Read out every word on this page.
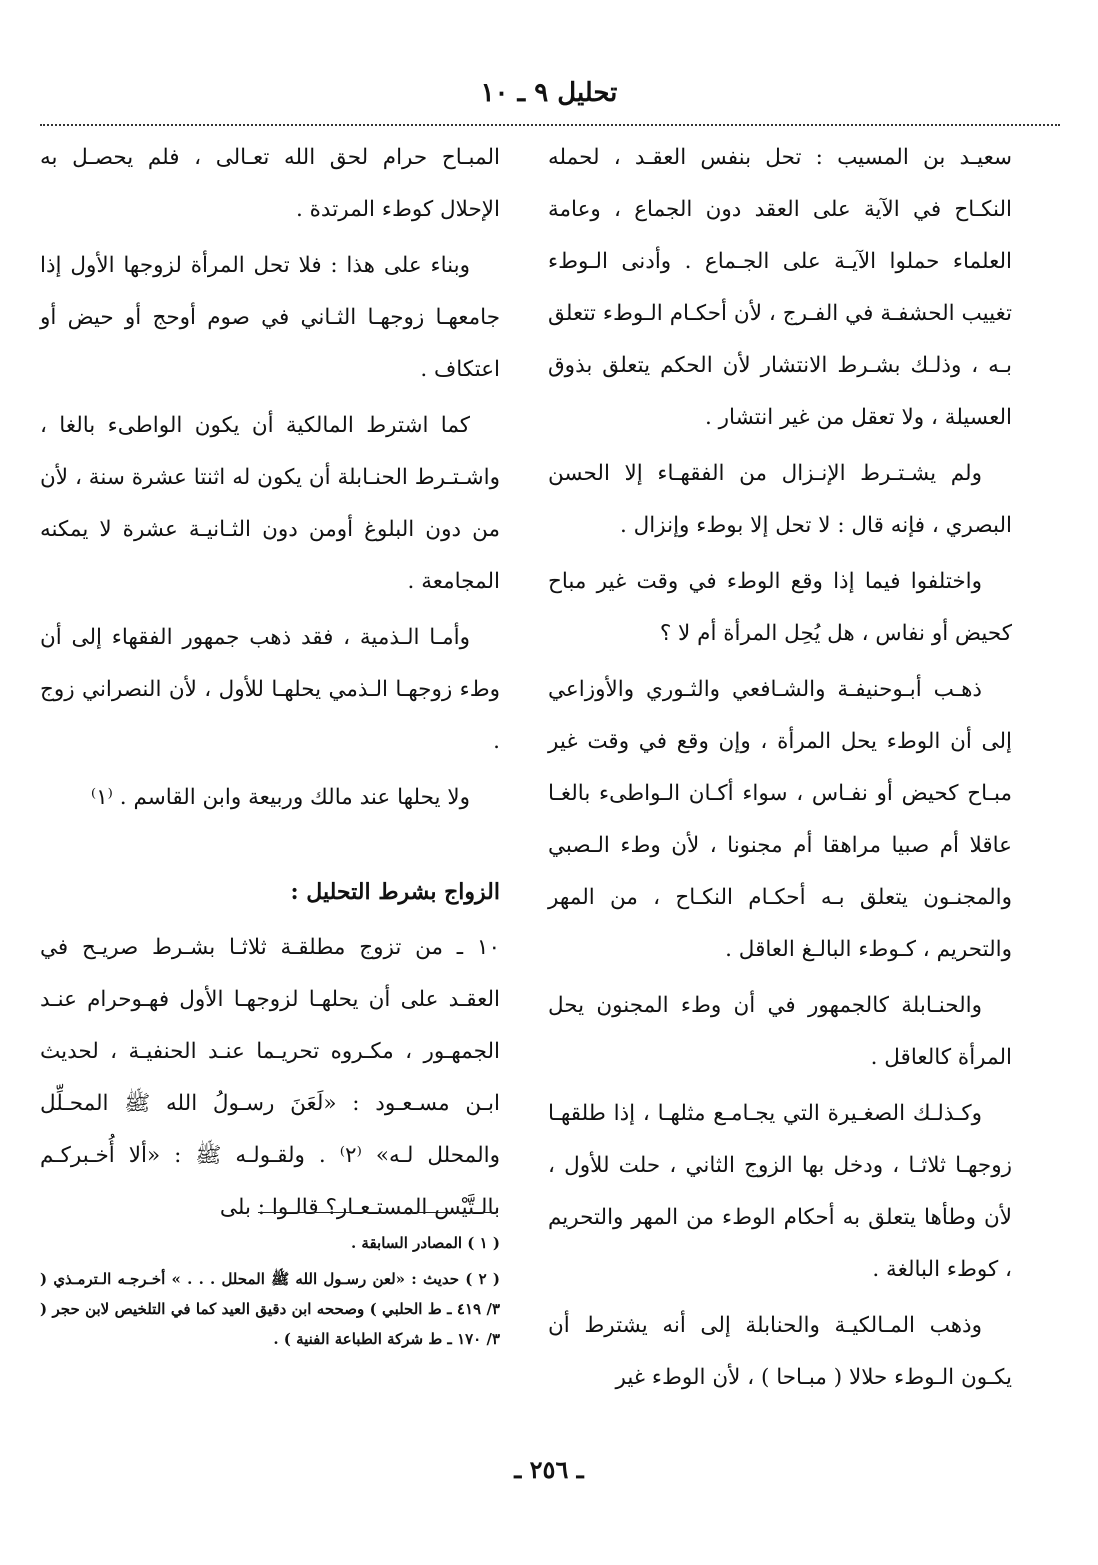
تحليل ٩ ـ ١٠

سعيـد بن المسيب : تحل بنفس العقـد ، لحمله النكـاح في الآية على العقد دون الجماع ، وعامة العلماء حملوا الآيـة على الجـماع . وأدنى الـوطء تغييب الحشفـة في الفـرج ، لأن أحكـام الـوطء تتعلق بـه ، وذلـك بشـرط الانتشار لأن الحكم يتعلق بذوق العسيلة ، ولا تعقل من غير انتشار .

ولم يشـتـرط الإنـزال من الفقهـاء إلا الحسن البصري ، فإنه قال : لا تحل إلا بوطء وإنزال .

واختلفوا فيما إذا وقع الوطء في وقت غير مباح كحيض أو نفاس ، هل يُحِل المرأة أم لا ؟

ذهـب أبـوحنيفـة والشـافعي والثـوري والأوزاعي إلى أن الوطء يحل المرأة ، وإن وقع في وقت غير مبـاح كحيض أو نفـاس ، سواء أكـان الـواطىء بالغـا عاقلا أم صبيا مراهقا أم مجنونا ، لأن وطء الـصبي والمجنـون يتعلق بـه أحكـام النكـاح ، من المهر والتحريم ، كـوطء البالـغ العاقل .

والحنـابلة كالجمهور في أن وطء المجنون يحل المرأة كالعاقل .

وكـذلـك الصغـيرة التي يجـامـع مثلهـا ، إذا طلقهـا زوجهـا ثلاثـا ، ودخل بها الزوج الثاني ، حلت للأول ، لأن وطأها يتعلق به أحكام الوطء من المهر والتحريم ، كوطء البالغة .

وذهب المـالكيـة والحنابلة إلى أنه يشترط أن يكـون الـوطء حلالا ( مبـاحا ) ، لأن الوطء غير

المبـاح حرام لحق الله تعـالى ، فلم يحصـل به الإحلال كوطء المرتدة .

وبناء على هذا : فلا تحل المرأة لزوجها الأول إذا جامعهـا زوجهـا الثـاني في صوم أوحج أو حيض أو اعتكاف .

كما اشترط المالكية أن يكون الواطىء بالغا ، واشـتـرط الحنـابلة أن يكون له اثنتا عشرة سنة ، لأن من دون البلوغ أومن دون الثـانيـة عشرة لا يمكنه المجامعة .

وأمـا الـذمية ، فقد ذهب جمهور الفقهاء إلى أن وطء زوجهـا الـذمي يحلهـا للأول ، لأن النصراني زوج .

ولا يحلها عند مالك وربيعة وابن القاسم . ⁽١⁾

الزواج بشرط التحليل :

١٠ ـ من تزوج مطلقـة ثلاثـا بشـرط صريـح في العقـد على أن يحلهـا لزوجهـا الأول فهـوحرام عنـد الجمهـور ، مكـروه تحريـما عنـد الحنفيـة ، لحديث ابـن مسـعـود : «لَعَنَ رسـولُ الله ﷺ المحـلِّل والمحلل لـه» ⁽٢⁾ . ولقـولـه ﷺ : «ألا أُخـبركـم بالـتَّيْس المستـعـار؟ قالـوا : بلى

( ١ ) المصادر السابقة .

( ٢ ) حديث : «لعن رسـول الله ﷺ المحلل . . . » أخـرجـه الـترمـذي ( ٣/ ٤١٩ ـ ط الحلبي ) وصححه ابن دقيق العيد كما في التلخيص لابن حجر ( ٣/ ١٧٠ ـ ط شركة الطباعة الفنية ) .

ـ ٢٥٦ ـ
